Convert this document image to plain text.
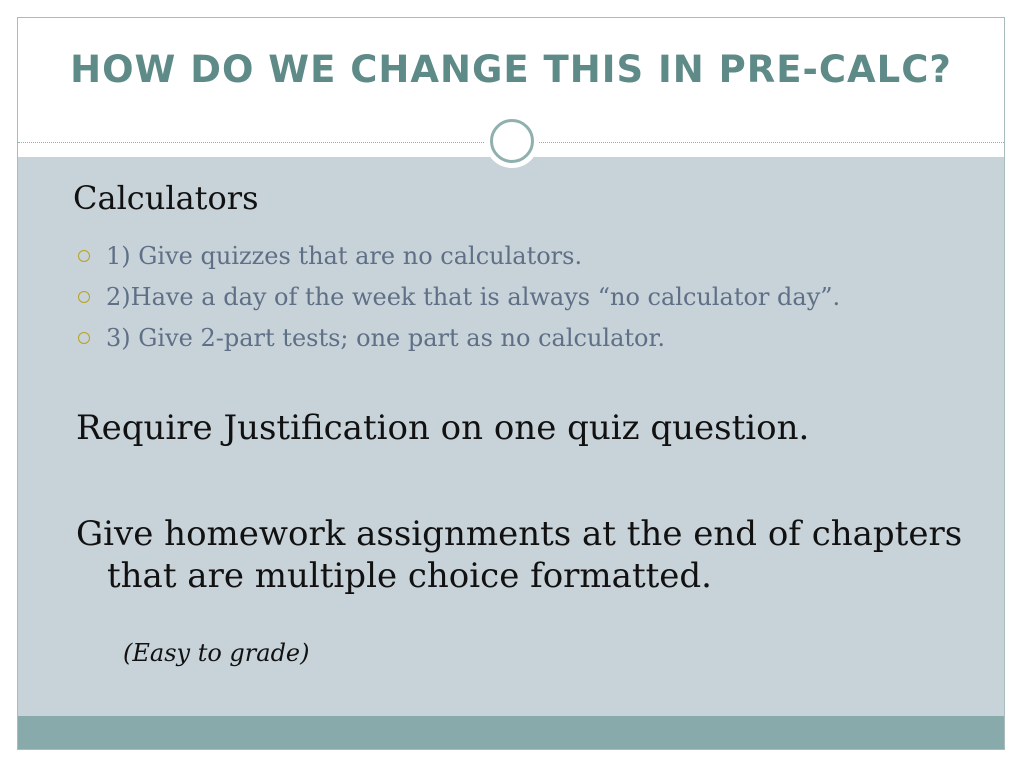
HOW DO WE CHANGE THIS IN PRE-CALC?

Calculators

1) Give quizzes that are no calculators.
2)Have a day of the week that is always “no calculator day”.
3) Give 2-part tests; one part as no calculator.

Require Justification on one quiz question.

Give homework assignments at the end of chapters
that are multiple choice formatted.

(Easy to grade)
